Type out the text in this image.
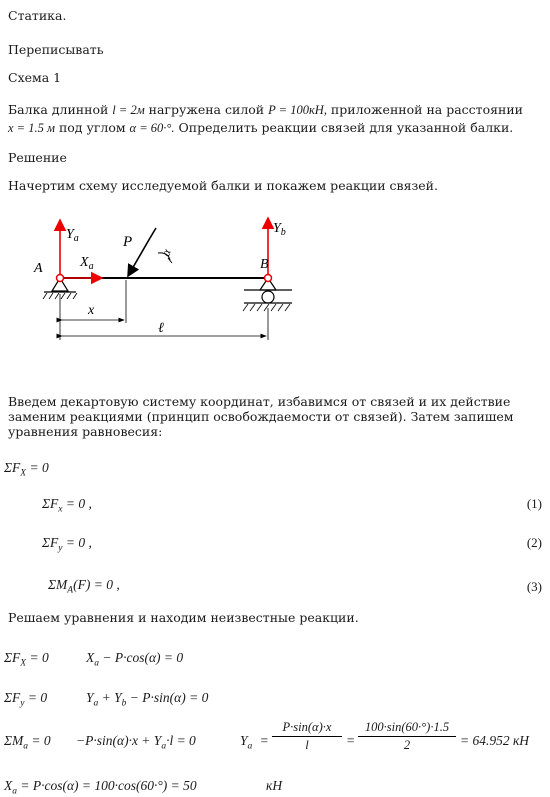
Статика.
Переписывать
Схема 1
Балка длинной l = 2м нагружена силой P = 100кН, приложенной на расстоянии
x = 1.5 м под углом α = 60·°. Определить реакции связей для указанной балки.
Решение
Начертим схему исследуемой балки и покажем реакции связей.
$Y_a$
$Y_b$
$X_a$
A	B
P
α
x
ℓ
Введем декартовую систему координат, избавимся от связей и их действие заменим реакциями (принцип освобождаемости от связей). Затем запишем уравнения равновесия:
$\Sigma F_X = 0$
$\Sigma F_x = 0$ ,	(1)
$\Sigma F_y = 0$ ,	(2)
$\Sigma M_A(F) = 0$ ,	(3)
Решаем уравнения и находим неизвестные реакции.
$\Sigma F_X = 0$	$X_a - P\cdot\cos(\alpha) = 0$
$\Sigma F_y = 0$	$Y_a + Y_b - P\cdot\sin(\alpha) = 0$
$\Sigma M_a = 0 -P\cdot\sin(\alpha)\cdot x + Y_a\cdot l = 0$	$Y_a$ =
P·sin(α)·x
l	=
100·sin(60·°)·1.5
2	= 64.952 кН
$X_a = P\cdot\cos(\alpha) = 100\cdot\cos(60\cdot^\circ) = 50$	кН
